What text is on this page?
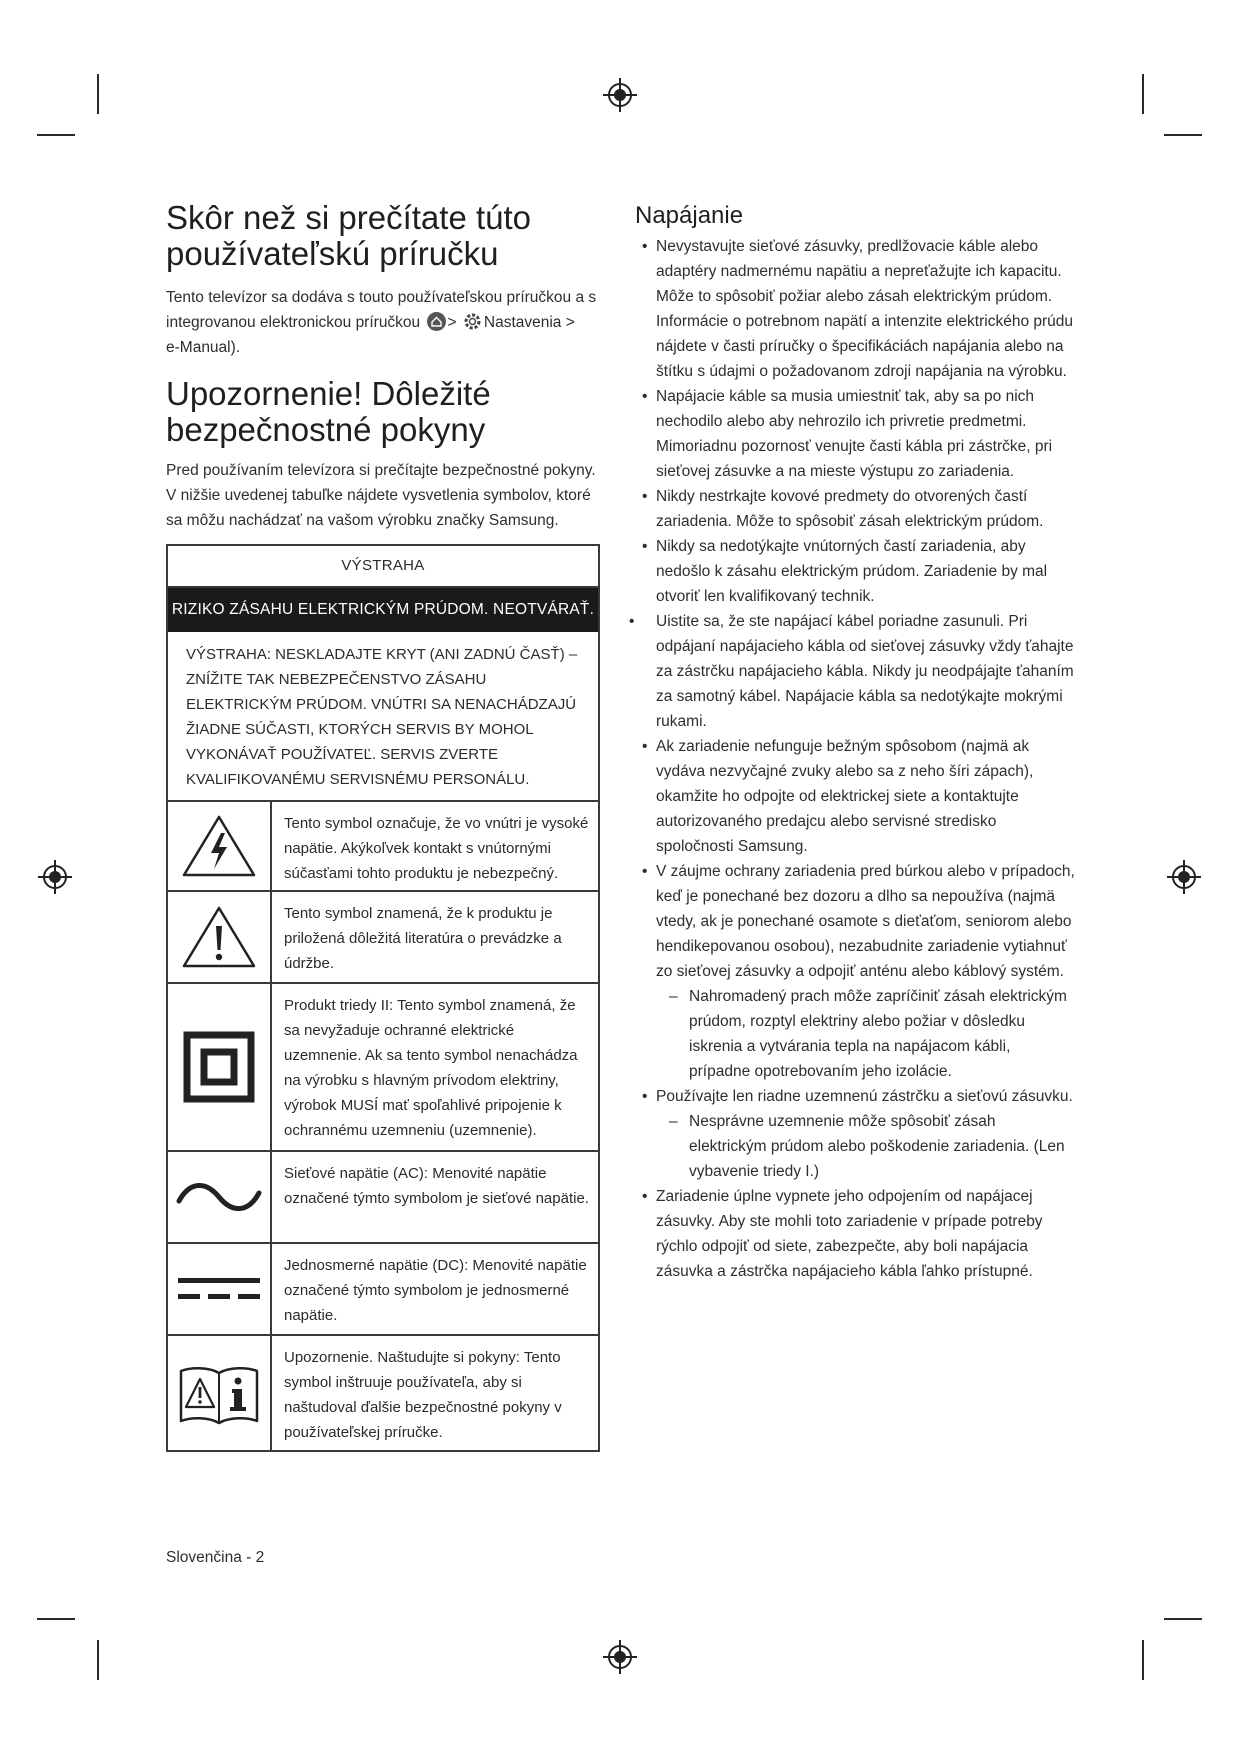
Skôr než si prečítate túto používateľskú príručku

Tento televízor sa dodáva s touto používateľskou príručkou a s integrovanou elektronickou príručkou > Nastavenia >
e-Manual).

Upozornenie! Dôležité bezpečnostné pokyny

Pred používaním televízora si prečítajte bezpečnostné pokyny. V nižšie uvedenej tabuľke nájdete vysvetlenia symbolov, ktoré sa môžu nachádzať na vašom výrobku značky Samsung.

VÝSTRAHA
RIZIKO ZÁSAHU ELEKTRICKÝM PRÚDOM. NEOTVÁRAŤ.
VÝSTRAHA: NESKLADAJTE KRYT (ANI ZADNÚ ČASŤ) – ZNÍŽITE TAK NEBEZPEČENSTVO ZÁSAHU ELEKTRICKÝM PRÚDOM. VNÚTRI SA NENACHÁDZAJÚ ŽIADNE SÚČASTI, KTORÝCH SERVIS BY MOHOL VYKONÁVAŤ POUŽÍVATEĽ. SERVIS ZVERTE KVALIFIKOVANÉMU SERVISNÉMU PERSONÁLU.
Tento symbol označuje, že vo vnútri je vysoké napätie. Akýkoľvek kontakt s vnútornými súčasťami tohto produktu je nebezpečný.
Tento symbol znamená, že k produktu je priložená dôležitá literatúra o prevádzke a údržbe.
Produkt triedy II: Tento symbol znamená, že sa nevyžaduje ochranné elektrické uzemnenie. Ak sa tento symbol nenachádza na výrobku s hlavným prívodom elektriny, výrobok MUSÍ mať spoľahlivé pripojenie k ochrannému uzemneniu (uzemnenie).
Sieťové napätie (AC): Menovité napätie označené týmto symbolom je sieťové napätie.
Jednosmerné napätie (DC): Menovité napätie označené týmto symbolom je jednosmerné napätie.
Upozornenie. Naštudujte si pokyny: Tento symbol inštruuje používateľa, aby si naštudoval ďalšie bezpečnostné pokyny v používateľskej príručke.
Slovenčina - 2
Napájanie
• Nevystavujte sieťové zásuvky, predlžovacie káble alebo adaptéry nadmernému napätiu a nepreťažujte ich kapacitu. Môže to spôsobiť požiar alebo zásah elektrickým prúdom. Informácie o potrebnom napätí a intenzite elektrického prúdu nájdete v časti príručky o špecifikáciách napájania alebo na štítku s údajmi o požadovanom zdroji napájania na výrobku.
• Napájacie káble sa musia umiestniť tak, aby sa po nich nechodilo alebo aby nehrozilo ich privretie predmetmi. Mimoriadnu pozornosť venujte časti kábla pri zástrčke, pri sieťovej zásuvke a na mieste výstupu zo zariadenia.
• Nikdy nestrkajte kovové predmety do otvorených častí zariadenia. Môže to spôsobiť zásah elektrickým prúdom.
• Nikdy sa nedotýkajte vnútorných častí zariadenia, aby nedošlo k zásahu elektrickým prúdom. Zariadenie by mal otvoriť len kvalifikovaný technik.
• Uistite sa, že ste napájací kábel poriadne zasunuli. Pri odpájaní napájacieho kábla od sieťovej zásuvky vždy ťahajte za zástrčku napájacieho kábla. Nikdy ju neodpájajte ťahaním za samotný kábel. Napájacie kábla sa nedotýkajte mokrými rukami.
• Ak zariadenie nefunguje bežným spôsobom (najmä ak vydáva nezvyčajné zvuky alebo sa z neho šíri zápach), okamžite ho odpojte od elektrickej siete a kontaktujte autorizovaného predajcu alebo servisné stredisko spoločnosti Samsung.
• V záujme ochrany zariadenia pred búrkou alebo v prípadoch, keď je ponechané bez dozoru a dlho sa nepoužíva (najmä vtedy, ak je ponechané osamote s dieťaťom, seniorom alebo hendikepovanou osobou), nezabudnite zariadenie vytiahnuť zo sieťovej zásuvky a odpojiť anténu alebo káblový systém.
– Nahromadený prach môže zapríčiniť zásah elektrickým prúdom, rozptyl elektriny alebo požiar v dôsledku iskrenia a vytvárania tepla na napájacom kábli, prípadne opotrebovaním jeho izolácie.
• Používajte len riadne uzemnenú zástrčku a sieťovú zásuvku.
– Nesprávne uzemnenie môže spôsobiť zásah elektrickým prúdom alebo poškodenie zariadenia. (Len vybavenie triedy I.)
• Zariadenie úplne vypnete jeho odpojením od napájacej zásuvky. Aby ste mohli toto zariadenie v prípade potreby rýchlo odpojiť od siete, zabezpečte, aby boli napájacia zásuvka a zástrčka napájacieho kábla ľahko prístupné.
